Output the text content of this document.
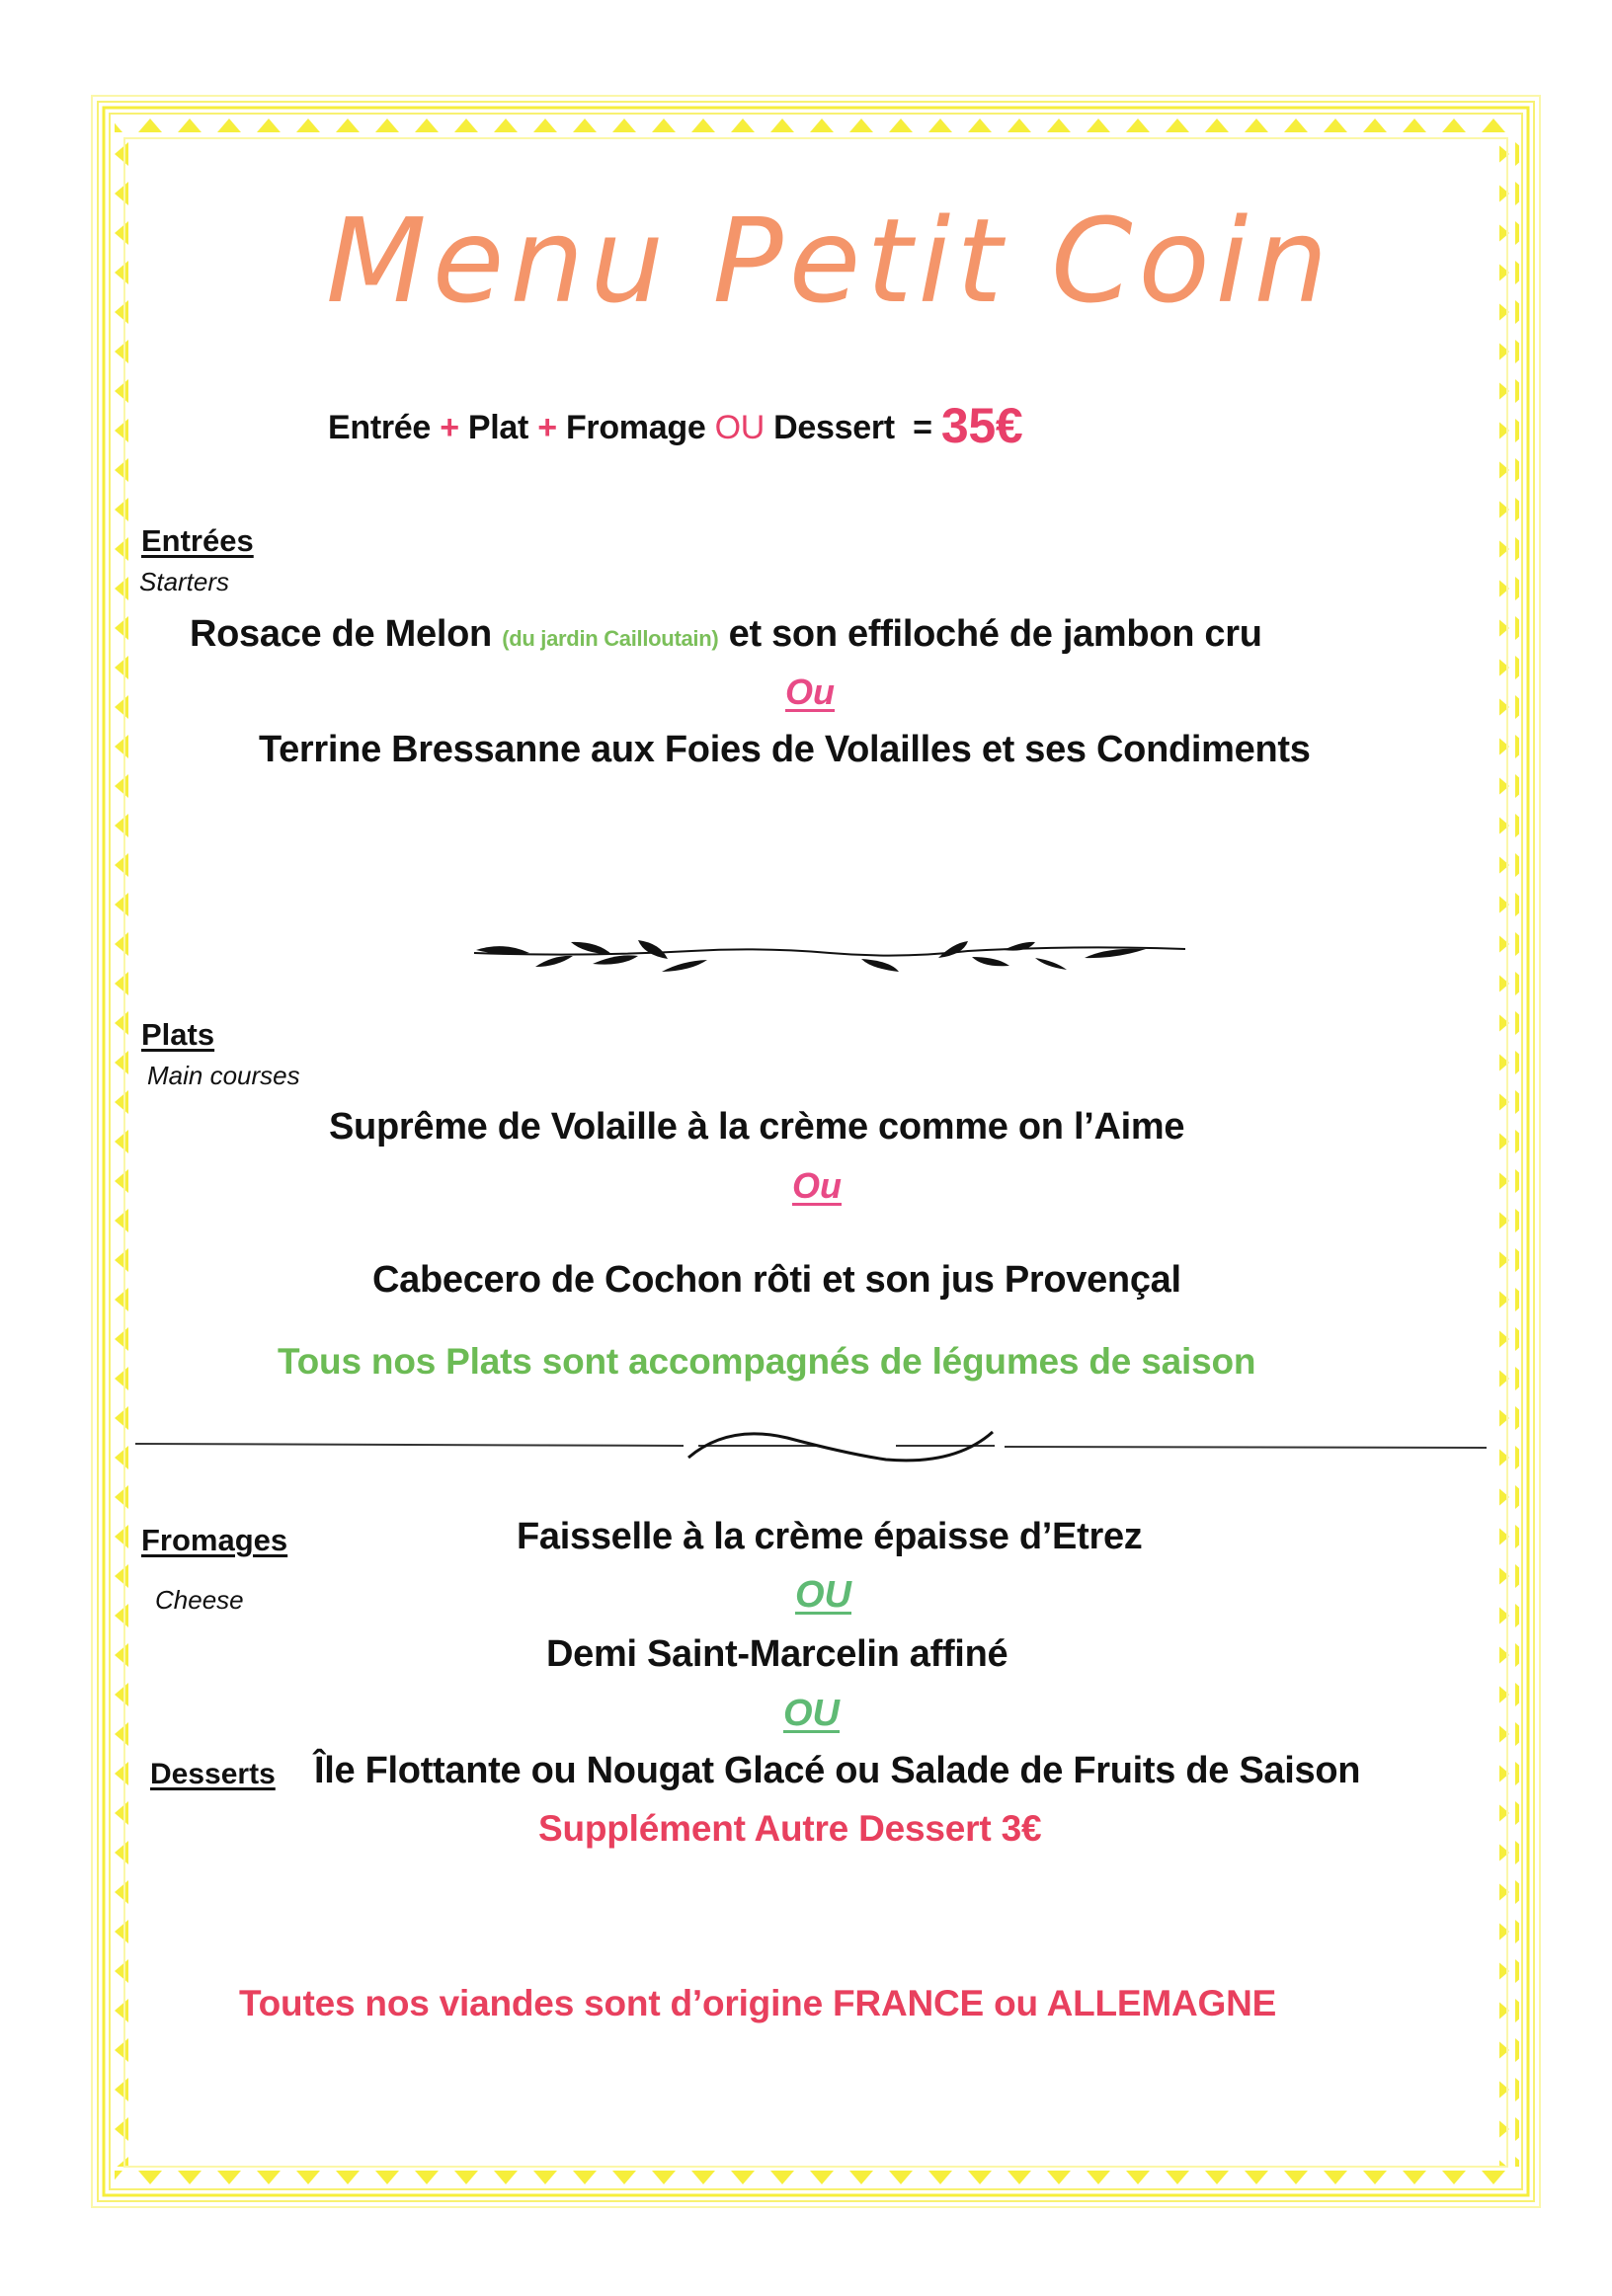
Menu Petit Coin
Entrée + Plat + Fromage OU Dessert = 35€
Entrées
Starters
Rosace de Melon (du jardin Cailloutain) et son effiloché de jambon cru
Ou
Terrine Bressanne aux Foies de Volailles et ses Condiments
Plats
Main courses
Suprême de Volaille à la crème comme on l’Aime
Ou
Cabecero de Cochon rôti et son jus Provençal
Tous nos Plats sont accompagnés de légumes de saison
Fromages
Cheese
Faisselle à la crème épaisse d’Etrez
OU
Demi Saint-Marcelin affiné
OU
Desserts Île Flottante ou Nougat Glacé ou Salade de Fruits de Saison
Supplément Autre Dessert 3€
Toutes nos viandes sont d’origine FRANCE ou ALLEMAGNE
